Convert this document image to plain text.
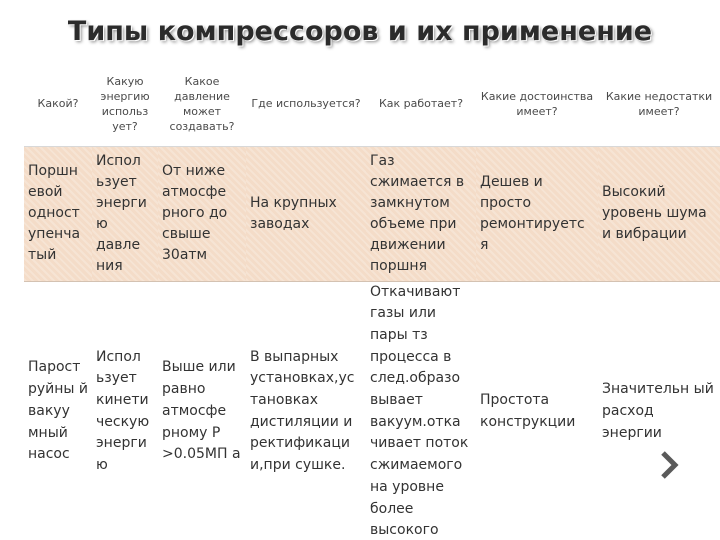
Типы компрессоров и их применение
Какой?	Какую энергию использ ует?	Какое давление может создавать?	Где используется?	Как работает?	Какие достоинства имеет?	Какие недостатки имеет?
Поршн евой одност упенча тый	Испол ьзует энерги ю давле ния	От ниже атмосфе рного до свыше 30атм	На крупных заводах	Газ сжимается в замкнутом объеме при движении поршня	Дешев и просто ремонтируетс я	Высокий уровень шума и вибрации
Парост руйны й вакуу мный насос	Испол ьзует кинети ческую энерги ю	Выше или равно атмосфе рному Р >0.05МП а	В выпарных установках,ус тановках дистиляции и ректификаци и,при сушке.	Откачивают газы или пары тз процесса в след.образо вывает вакуум.отка чивает поток сжимаемого на уровне более высокого	Простота конструкции	Значительн ый расход энергии
